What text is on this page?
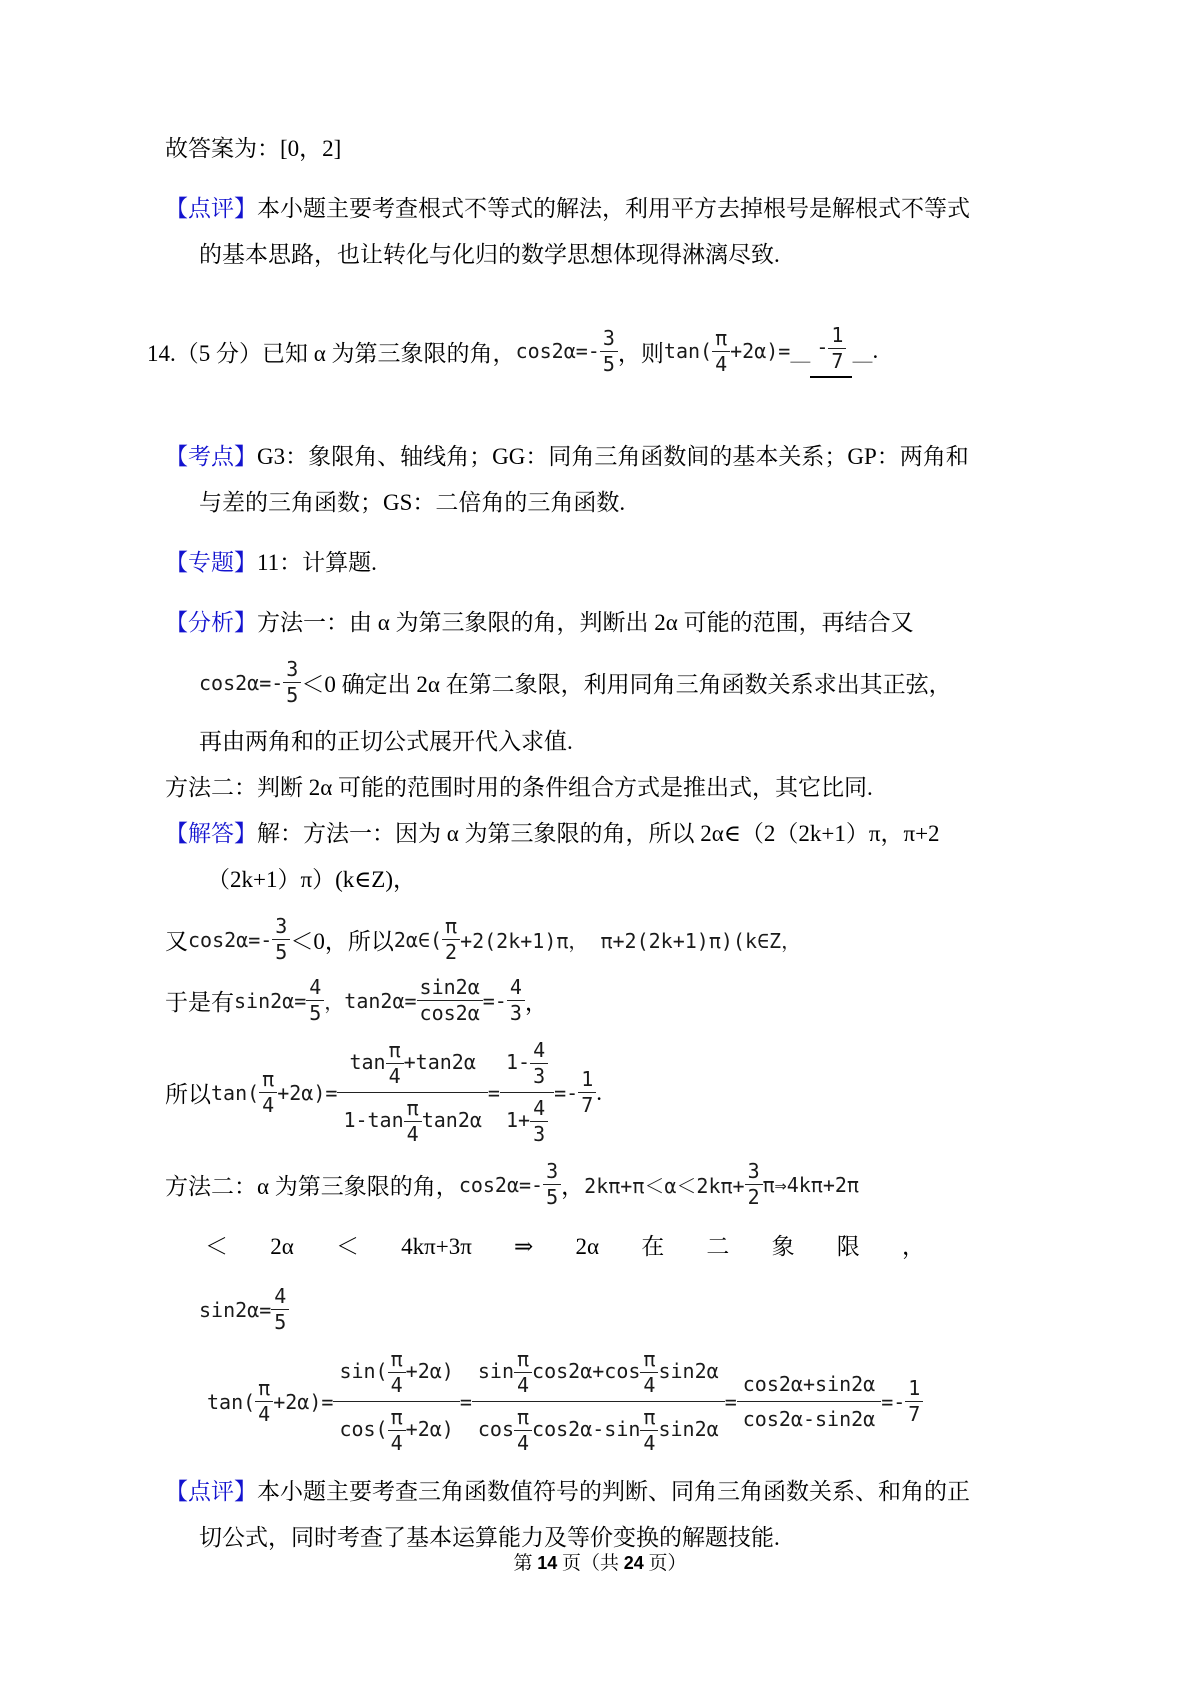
故答案为：[0，2]
【点评】本小题主要考查根式不等式的解法，利用平方去掉根号是解根式不等式
的基本思路，也让转化与化归的数学思想体现得淋漓尽致.
14.（5 分） 已知 α 为第三象限的角， $\cos 2\alpha=- \frac{3}{5}$ ，则 $\tan( \frac{\pi}{4} +2\alpha)=$ ＿ - $\frac{1}{7}$ ＿ .
【考点】G3：象限角、轴线角；GG：同角三角函数间的基本关系；GP：两角和
与差的三角函数；GS：二倍角的三角函数.
【专题】11：计算题.
【分析】方法一：由 α 为第三象限的角，判断出 2α 可能的范围，再结合又
$\cos 2\alpha=- \frac{3}{5} <0$ 确定出 2α 在第二象限，利用同角三角函数关系求出其正弦，
再由两角和的正切公式展开代入求值.
方法二：判断 2α 可能的范围时用的条件组合方式是推出式，其它比同.
【解答】解：方法一：因为 α 为第三象限的角，所以 2α∈（2（2k+1）π，π+2
（2k+1）π）(k∈Z)，
又 $\cos 2\alpha=- \frac{3}{5} <0$，所以 2α∈( $\frac{\pi}{2} +2(2k+1)\pi$， π+2(2k+1)π)(k∈Z，
于是有 $\sin 2\alpha= \frac{4}{5}$ ， $\tan 2\alpha= \frac{\sin 2\alpha}{\cos 2\alpha} =- \frac{4}{3}$ ，
所以 $\tan( \frac{\pi}{4} +2\alpha)= \frac{\tan \frac{\pi}{4} +\tan 2\alpha}{1-\tan \frac{\pi}{4} \tan 2\alpha} = \frac{1- \frac{4}{3}}{1+ \frac{4}{3}} =- \frac{1}{7}$ .
方法二：α 为第三象限的角， $\cos 2\alpha=- \frac{3}{5}$ ， $2k\pi+\pi<\alpha<2k\pi+ \frac{3}{2}$ π⇒4kπ+2π
＜ 2α ＜ 4kπ+3π ⇒ 2α 在 二 象 限 ，
$\sin 2\alpha= \frac{4}{5}$
$\tan( \frac{\pi}{4} +2\alpha)= \frac{\sin( \frac{\pi}{4} +2\alpha)}{\cos( \frac{\pi}{4} +2\alpha)} = \frac{\sin \frac{\pi}{4} \cos 2\alpha+\cos \frac{\pi}{4} \sin 2\alpha}{\cos \frac{\pi}{4} \cos 2\alpha-\sin \frac{\pi}{4} \sin 2\alpha} = \frac{\cos 2\alpha+\sin 2\alpha}{\cos 2\alpha-\sin 2\alpha} =- \frac{1}{7}$
【点评】本小题主要考查三角函数值符号的判断、同角三角函数关系、和角的正
切公式，同时考查了基本运算能力及等价变换的解题技能.
第 14 页（共 24 页）
